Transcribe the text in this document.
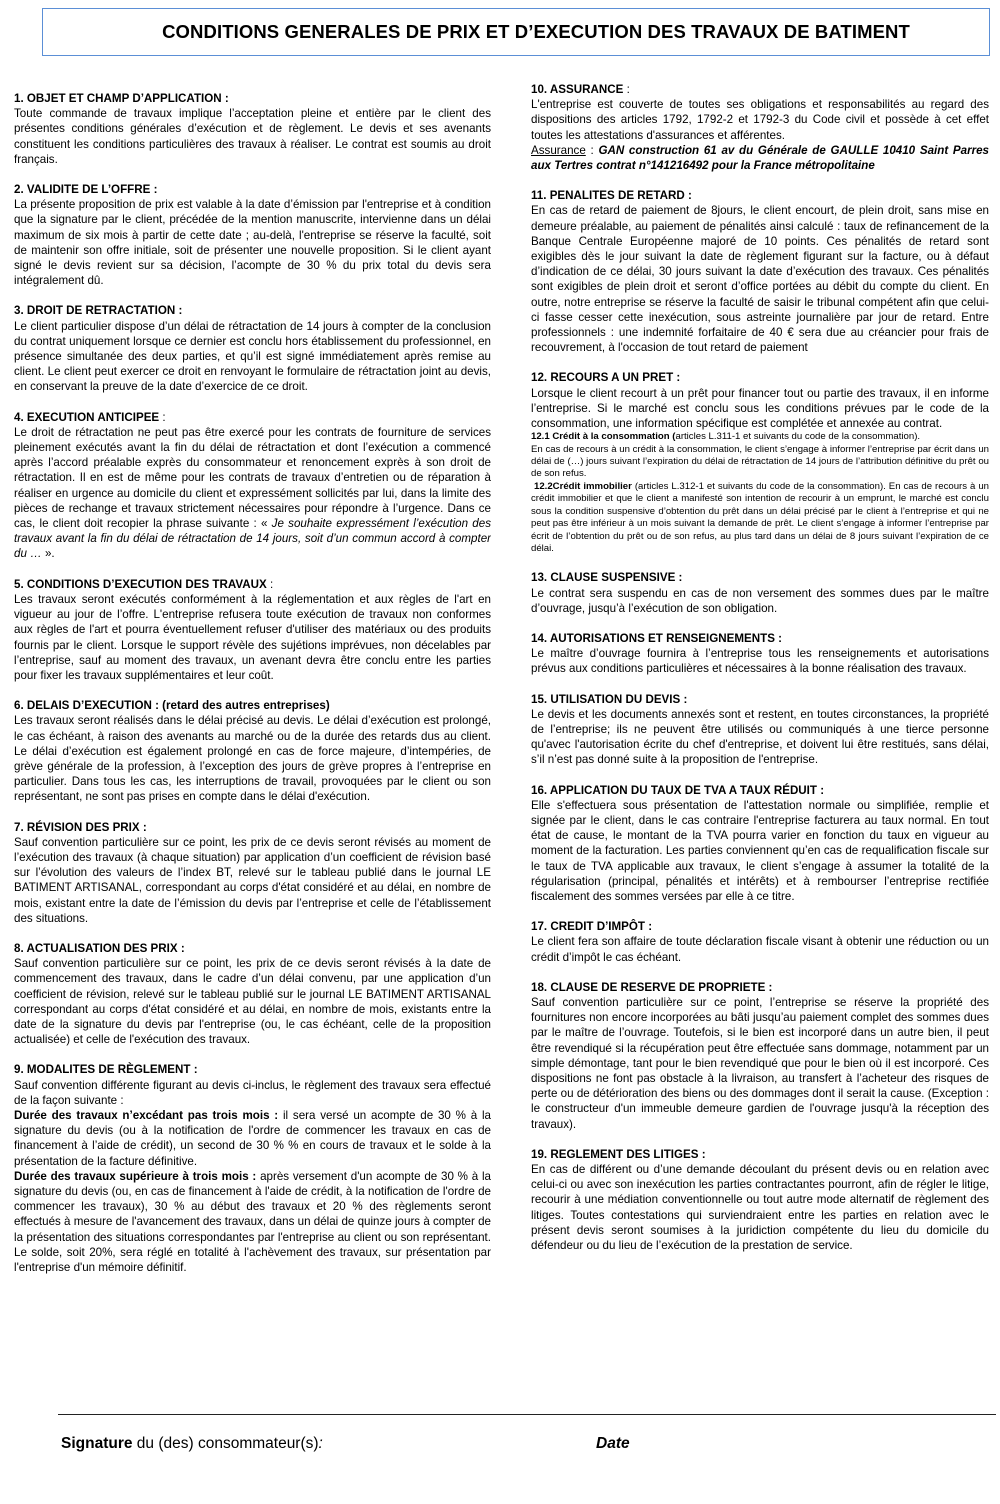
CONDITIONS GENERALES DE PRIX ET D’EXECUTION DES TRAVAUX DE BATIMENT

1. OBJET ET CHAMP D’APPLICATION :

Toute commande de travaux implique l’acceptation pleine et entière par le client des présentes conditions générales d’exécution et de règlement. Le devis et ses avenants constituent les conditions particulières des travaux à réaliser. Le contrat est soumis au droit français.

2. VALIDITE DE L’OFFRE :

La présente proposition de prix est valable à la date d’émission par l'entreprise et à condition que la signature par le client, précédée de la mention manuscrite, intervienne dans un délai maximum de six mois à partir de cette date ; au-delà, l'entreprise se réserve la faculté, soit de maintenir son offre initiale, soit de présenter une nouvelle proposition. Si le client ayant signé le devis revient sur sa décision, l’acompte de 30 % du prix total du devis sera intégralement dû.

3. DROIT DE RETRACTATION :

Le client particulier dispose d’un délai de rétractation de 14 jours à compter de la conclusion du contrat uniquement lorsque ce dernier est conclu hors établissement du professionnel, en présence simultanée des deux parties, et qu’il est signé immédiatement après remise au client. Le client peut exercer ce droit en renvoyant le formulaire de rétractation joint au devis, en conservant la preuve de la date d’exercice de ce droit.

4. EXECUTION ANTICIPEE :

Le droit de rétractation ne peut pas être exercé pour les contrats de fourniture de services pleinement exécutés avant la fin du délai de rétractation et dont l’exécution a commencé après l’accord préalable exprès du consommateur et renoncement exprès à son droit de rétractation. Il en est de même pour les contrats de travaux d’entretien ou de réparation à réaliser en urgence au domicile du client et expressément sollicités par lui, dans la limite des pièces de rechange et travaux strictement nécessaires pour répondre à l’urgence. Dans ce cas, le client doit recopier la phrase suivante : « Je souhaite expressément l’exécution des travaux avant la fin du délai de rétractation de 14 jours, soit d’un commun accord à compter du … ».

5. CONDITIONS D’EXECUTION DES TRAVAUX :

Les travaux seront exécutés conformément à la réglementation et aux règles de l'art en vigueur au jour de l’offre. L'entreprise refusera toute exécution de travaux non conformes aux règles de l'art et pourra éventuellement refuser d'utiliser des matériaux ou des produits fournis par le client. Lorsque le support révèle des sujétions imprévues, non décelables par l’entreprise, sauf au moment des travaux, un avenant devra être conclu entre les parties pour fixer les travaux supplémentaires et leur coût.

6. DELAIS D’EXECUTION : (retard des autres entreprises)

Les travaux seront réalisés dans le délai précisé au devis. Le délai d’exécution est prolongé, le cas échéant, à raison des avenants au marché ou de la durée des retards dus au client. Le délai d’exécution est également prolongé en cas de force majeure, d’intempéries, de grève générale de la profession, à l’exception des jours de grève propres à l’entreprise en particulier. Dans tous les cas, les interruptions de travail, provoquées par le client ou son représentant, ne sont pas prises en compte dans le délai d'exécution.

7. RÉVISION DES PRIX :

Sauf convention particulière sur ce point, les prix de ce devis seront révisés au moment de l’exécution des travaux (à chaque situation) par application d’un coefficient de révision basé sur l’évolution des valeurs de l’index BT, relevé sur le tableau publié dans le journal LE BATIMENT ARTISANAL, correspondant au corps d'état considéré et au délai, en nombre de mois, existant entre la date de l’émission du devis par l’entreprise et celle de l’établissement des situations.

8. ACTUALISATION DES PRIX :

Sauf convention particulière sur ce point, les prix de ce devis seront révisés à la date de commencement des travaux, dans le cadre d’un délai convenu, par une application d’un coefficient de révision, relevé sur le tableau publié sur le journal LE BATIMENT ARTISANAL correspondant au corps d'état considéré et au délai, en nombre de mois, existants entre la date de la signature du devis par l'entreprise (ou, le cas échéant, celle de la proposition actualisée) et celle de l'exécution des travaux.

9. MODALITES DE RÈGLEMENT :

Sauf convention différente figurant au devis ci-inclus, le règlement des travaux sera effectué de la façon suivante :

Durée des travaux n’excédant pas trois mois : il sera versé un acompte de 30 % à la signature du devis (ou à la notification de l'ordre de commencer les travaux en cas de financement à l’aide de crédit), un second de 30 % % en cours de travaux et le solde à la présentation de la facture définitive.

Durée des travaux supérieure à trois mois : après versement d'un acompte de 30 % à la signature du devis (ou, en cas de financement à l'aide de crédit, à la notification de l'ordre de commencer les travaux), 30 % au début des travaux et 20 % des règlements seront effectués à mesure de l'avancement des travaux, dans un délai de quinze jours à compter de la présentation des situations correspondantes par l'entreprise au client ou son représentant. Le solde, soit 20%, sera réglé en totalité à l'achèvement des travaux, sur présentation par l'entreprise d'un mémoire définitif.

10. ASSURANCE :

L'entreprise est couverte de toutes ses obligations et responsabilités au regard des dispositions des articles 1792, 1792-2 et 1792-3 du Code civil et possède à cet effet toutes les attestations d'assurances et afférentes.

Assurance : GAN construction 61 av du Générale de GAULLE 10410 Saint Parres aux Tertres contrat n°141216492 pour la France métropolitaine

11. PENALITES DE RETARD :

En cas de retard de paiement de 8jours, le client encourt, de plein droit, sans mise en demeure préalable, au paiement de pénalités ainsi calculé : taux de refinancement de la Banque Centrale Européenne majoré de 10 points. Ces pénalités de retard sont exigibles dès le jour suivant la date de règlement figurant sur la facture, ou à défaut d’indication de ce délai, 30 jours suivant la date d’exécution des travaux. Ces pénalités sont exigibles de plein droit et seront d’office portées au débit du compte du client. En outre, notre entreprise se réserve la faculté de saisir le tribunal compétent afin que celui-ci fasse cesser cette inexécution, sous astreinte journalière par jour de retard. Entre professionnels : une indemnité forfaitaire de 40 € sera due au créancier pour frais de recouvrement, à l'occasion de tout retard de paiement

12. RECOURS A UN PRET :

Lorsque le client recourt à un prêt pour financer tout ou partie des travaux, il en informe l’entreprise. Si le marché est conclu sous les conditions prévues par le code de la consommation, une information spécifique est complétée et annexée au contrat.

12.1 Crédit à la consommation (articles L.311-1 et suivants du code de la consommation).

En cas de recours à un crédit à la consommation, le client s’engage à informer l’entreprise par écrit dans un délai de (…) jours suivant l’expiration du délai de rétractation de 14 jours de l’attribution définitive du prêt ou de son refus.

12.2Crédit immobilier (articles L.312-1 et suivants du code de la consommation). En cas de recours à un crédit immobilier et que le client a manifesté son intention de recourir à un emprunt, le marché est conclu sous la condition suspensive d’obtention du prêt dans un délai précisé par le client à l’entreprise et qui ne peut pas être inférieur à un mois suivant la demande de prêt. Le client s’engage à informer l’entreprise par écrit de l’obtention du prêt ou de son refus, au plus tard dans un délai de 8 jours suivant l’expiration de ce délai.

13. CLAUSE SUSPENSIVE :

Le contrat sera suspendu en cas de non versement des sommes dues par le maître d’ouvrage, jusqu’à l’exécution de son obligation.

14. AUTORISATIONS ET RENSEIGNEMENTS :

Le maître d’ouvrage fournira à l’entreprise tous les renseignements et autorisations prévus aux conditions particulières et nécessaires à la bonne réalisation des travaux.

15. UTILISATION DU DEVIS :

Le devis et les documents annexés sont et restent, en toutes circonstances, la propriété de l’entreprise; ils ne peuvent être utilisés ou communiqués à une tierce personne qu'avec l'autorisation écrite du chef d'entreprise, et doivent lui être restitués, sans délai, s’il n’est pas donné suite à la proposition de l'entreprise.

16. APPLICATION DU TAUX DE TVA A TAUX RÉDUIT :

Elle s'effectuera sous présentation de l'attestation normale ou simplifiée, remplie et signée par le client, dans le cas contraire l'entreprise facturera au taux normal. En tout état de cause, le montant de la TVA pourra varier en fonction du taux en vigueur au moment de la facturation. Les parties conviennent qu’en cas de requalification fiscale sur le taux de TVA applicable aux travaux, le client s’engage à assumer la totalité de la régularisation (principal, pénalités et intérêts) et à rembourser l’entreprise rectifiée fiscalement des sommes versées par elle à ce titre.

17. CREDIT D’IMPÔT :

Le client fera son affaire de toute déclaration fiscale visant à obtenir une réduction ou un crédit d’impôt le cas échéant.

18. CLAUSE DE RESERVE DE PROPRIETE :

Sauf convention particulière sur ce point, l’entreprise se réserve la propriété des fournitures non encore incorporées au bâti jusqu’au paiement complet des sommes dues par le maître de l’ouvrage. Toutefois, si le bien est incorporé dans un autre bien, il peut être revendiqué si la récupération peut être effectuée sans dommage, notamment par un simple démontage, tant pour le bien revendiqué que pour le bien où il est incorporé. Ces dispositions ne font pas obstacle à la livraison, au transfert à l’acheteur des risques de perte ou de détérioration des biens ou des dommages dont il serait la cause. (Exception : le constructeur d'un immeuble demeure gardien de l'ouvrage jusqu'à la réception des travaux).

19. REGLEMENT DES LITIGES :

En cas de différent ou d’une demande découlant du présent devis ou en relation avec celui-ci ou avec son inexécution les parties contractantes pourront, afin de régler le litige, recourir à une médiation conventionnelle ou tout autre mode alternatif de règlement des litiges. Toutes contestations qui surviendraient entre les parties en relation avec le présent devis seront soumises à la juridiction compétente du lieu du domicile du défendeur ou du lieu de l’exécution de la prestation de service.

Signature du (des) consommateur(s):	Date
